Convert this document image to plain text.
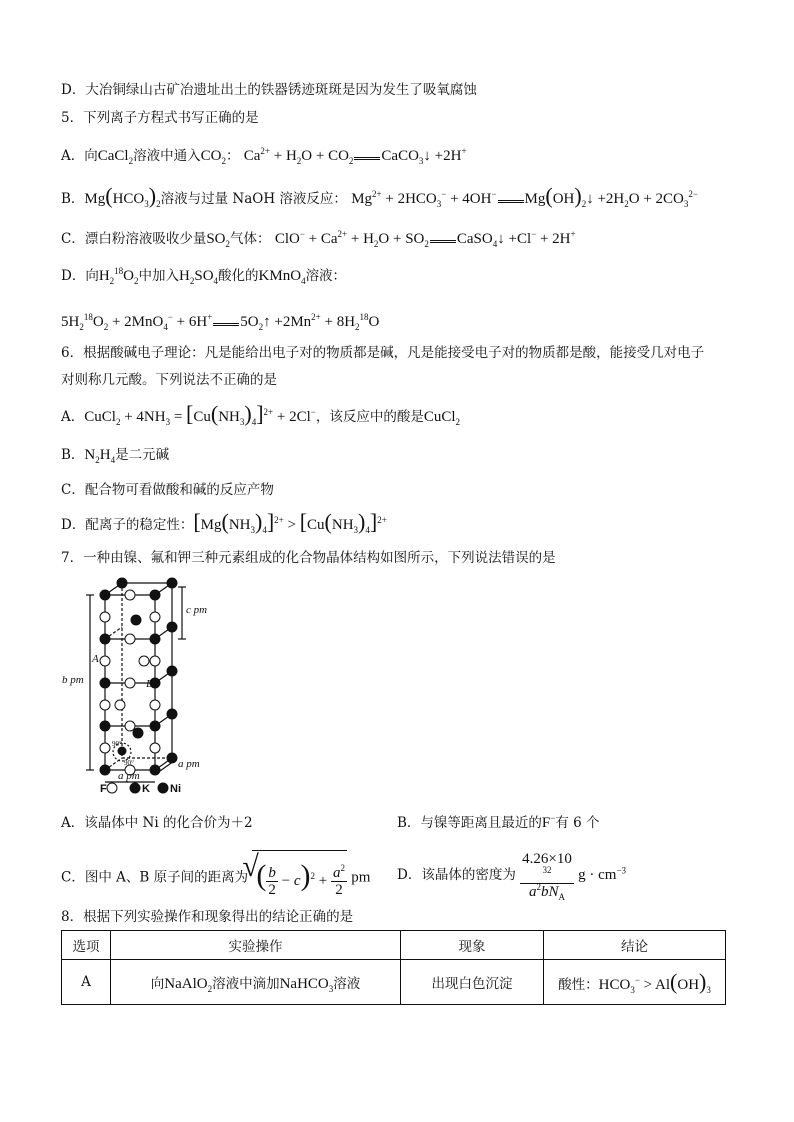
D．大冶铜绿山古矿冶遗址出土的铁器锈迹斑斑是因为发生了吸氧腐蚀
5．下列离子方程式书写正确的是
A．向CaCl$_2$溶液中通入$CO_2$： $Ca^{2+} + H_2O + CO_2$ CaCO$_3$↓ +2H+
B．$Mg(HCO_3)_2$溶液与过量 NaOH 溶液反应： $Mg^{2+} + 2HCO_3^- + 4OH^-$ $Mg(OH)_2↓ +2H_2O + 2CO_3^{2-}$
C．漂白粉溶液吸收少量$SO_2$气体： $ClO^- + Ca^{2+} + H_2O + SO_2$ CaSO$_4$↓ +Cl− + 2H+
D．向$H_2^{18}O_2$中加入$H_2SO_4$酸化的KMnO$_4$溶液：
$5H_2^{18}O_2 + 2MnO_4^- + 6H^+$ $5O_2↑ +2Mn^{2+} + 8H_2^{18}O$
6．根据酸碱电子理论：凡是能给出电子对的物质都是碱，凡是能接受电子对的物质都是酸，能接受几对电子
对则称几元酸。下列说法不正确的是
A．CuCl$_2$ + $4NH_3 = [Cu(NH_3)_4]^{2+} + 2Cl^-$，该反应中的酸是CuCl$_2$
B．$N_2H_4$是二元碱
C．配合物可看做酸和碱的反应产物
D．配离子的稳定性：$[Mg(NH_3)_4]^{2+} > [Cu(NH_3)_4]^{2+}$
7．一种由镍、氟和钾三种元素组成的化合物晶体结构如图所示，下列说法错误的是
c pm
b pm
a pm
a pm
A
B
90°
90°
F	K Ni
A．该晶体中 Ni 的化合价为＋2	B．与镍等距离且最近的F−有 6 个
C．图中 A、B 原子间的距离为
√
( $\frac{b}{2} - c)^2 + \frac{a^2}{2}$ pm D．该晶体的密度为 4.26×10
$^{32}$
$a^2bN_A$ $g \cdot cm^{-3}$
8．根据下列实验操作和现象得出的结论正确的是
选项	实验操作	现象	结论
A	向NaAlO$_2$溶液中滴加NaHCO$_3$溶液	出现白色沉淀	酸性：$HCO_3^- > Al(OH)_3$
